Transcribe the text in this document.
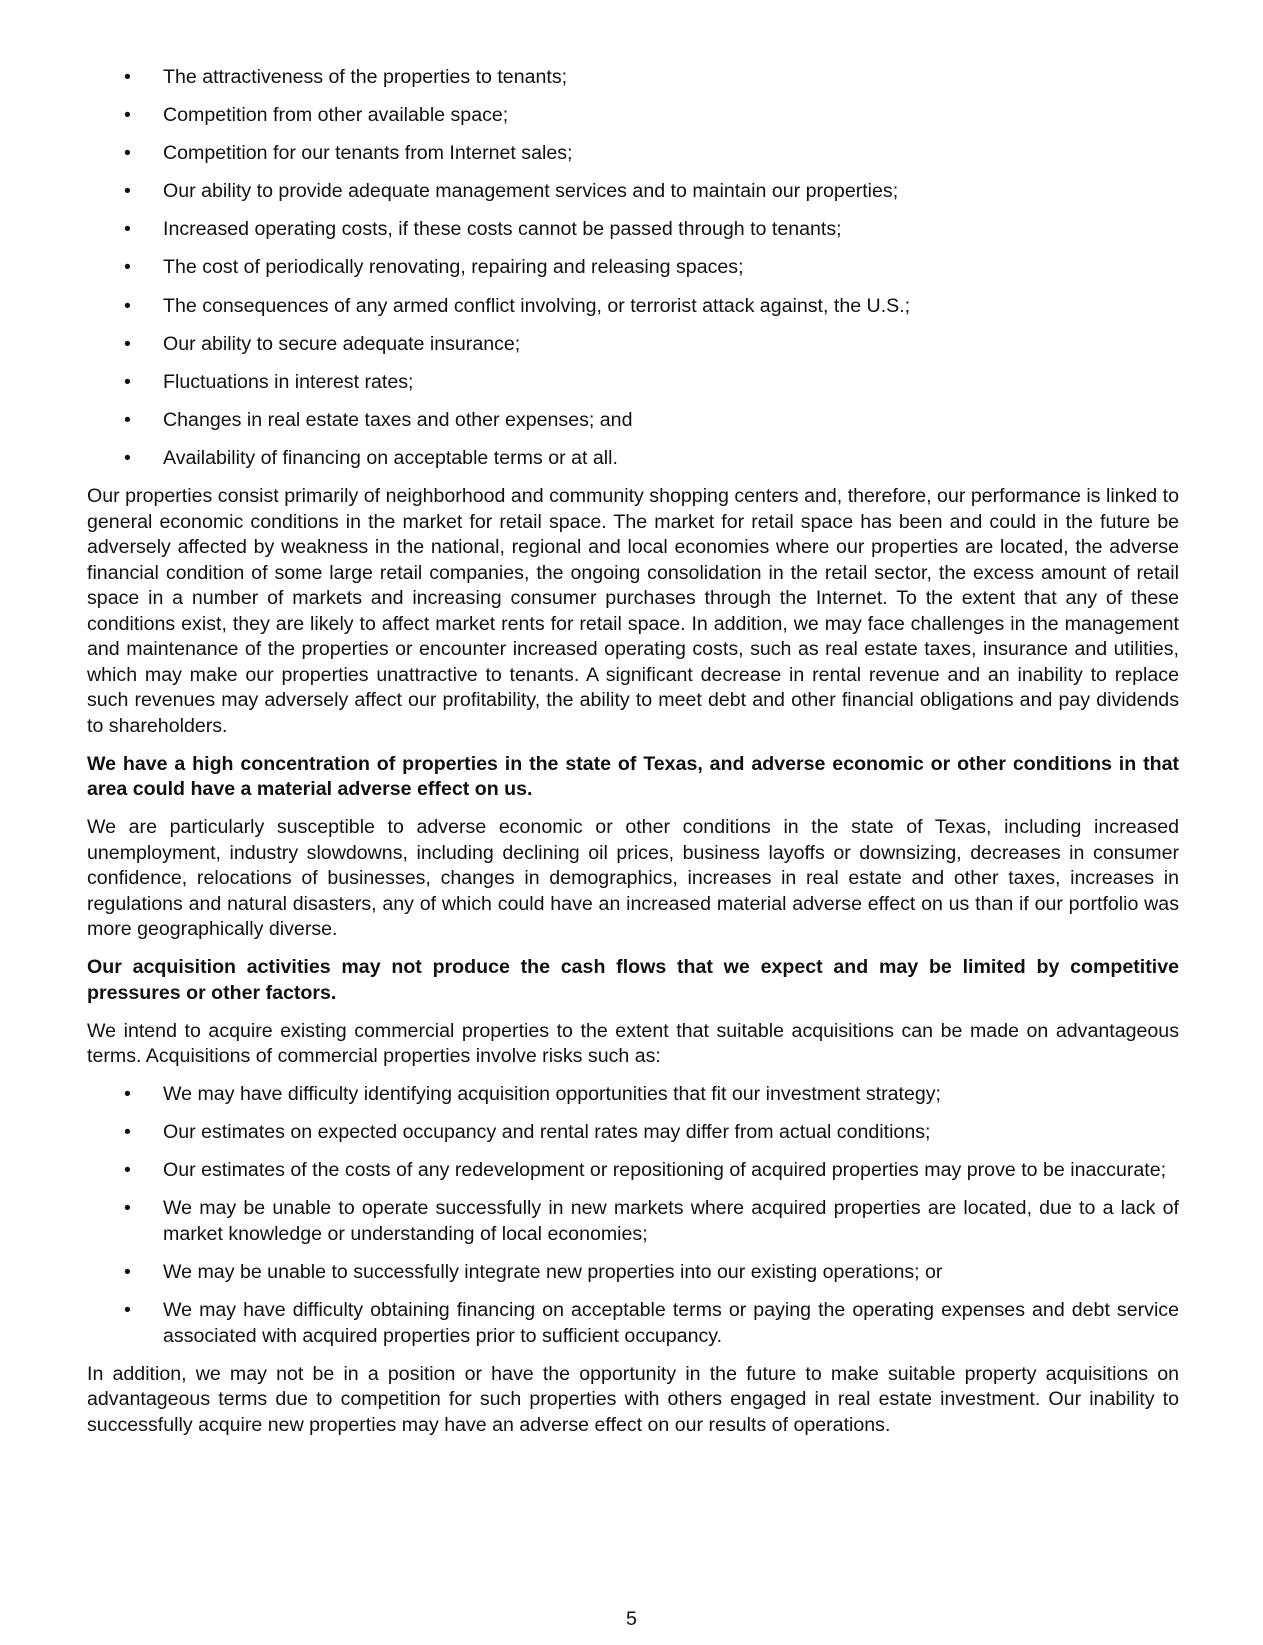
• The attractiveness of the properties to tenants;
• Competition from other available space;
• Competition for our tenants from Internet sales;
• Our ability to provide adequate management services and to maintain our properties;
• Increased operating costs, if these costs cannot be passed through to tenants;
• The cost of periodically renovating, repairing and releasing spaces;
• The consequences of any armed conflict involving, or terrorist attack against, the U.S.;
• Our ability to secure adequate insurance;
• Fluctuations in interest rates;
• Changes in real estate taxes and other expenses; and
• Availability of financing on acceptable terms or at all.

Our properties consist primarily of neighborhood and community shopping centers and, therefore, our performance is linked to general economic conditions in the market for retail space. The market for retail space has been and could in the future be adversely affected by weakness in the national, regional and local economies where our properties are located, the adverse financial condition of some large retail companies, the ongoing consolidation in the retail sector, the excess amount of retail space in a number of markets and increasing consumer purchases through the Internet. To the extent that any of these conditions exist, they are likely to affect market rents for retail space. In addition, we may face challenges in the management and maintenance of the properties or encounter increased operating costs, such as real estate taxes, insurance and utilities, which may make our properties unattractive to tenants. A significant decrease in rental revenue and an inability to replace such revenues may adversely affect our profitability, the ability to meet debt and other financial obligations and pay dividends to shareholders.

We have a high concentration of properties in the state of Texas, and adverse economic or other conditions in that area could have a material adverse effect on us.

We are particularly susceptible to adverse economic or other conditions in the state of Texas, including increased unemployment, industry slowdowns, including declining oil prices, business layoffs or downsizing, decreases in consumer confidence, relocations of businesses, changes in demographics, increases in real estate and other taxes, increases in regulations and natural disasters, any of which could have an increased material adverse effect on us than if our portfolio was more geographically diverse.

Our acquisition activities may not produce the cash flows that we expect and may be limited by competitive pressures or other factors.

We intend to acquire existing commercial properties to the extent that suitable acquisitions can be made on advantageous terms. Acquisitions of commercial properties involve risks such as:

• We may have difficulty identifying acquisition opportunities that fit our investment strategy;
• Our estimates on expected occupancy and rental rates may differ from actual conditions;
• Our estimates of the costs of any redevelopment or repositioning of acquired properties may prove to be inaccurate;
• We may be unable to operate successfully in new markets where acquired properties are located, due to a lack of market knowledge or understanding of local economies;
• We may be unable to successfully integrate new properties into our existing operations; or
• We may have difficulty obtaining financing on acceptable terms or paying the operating expenses and debt service associated with acquired properties prior to sufficient occupancy.

In addition, we may not be in a position or have the opportunity in the future to make suitable property acquisitions on advantageous terms due to competition for such properties with others engaged in real estate investment. Our inability to successfully acquire new properties may have an adverse effect on our results of operations.

5
